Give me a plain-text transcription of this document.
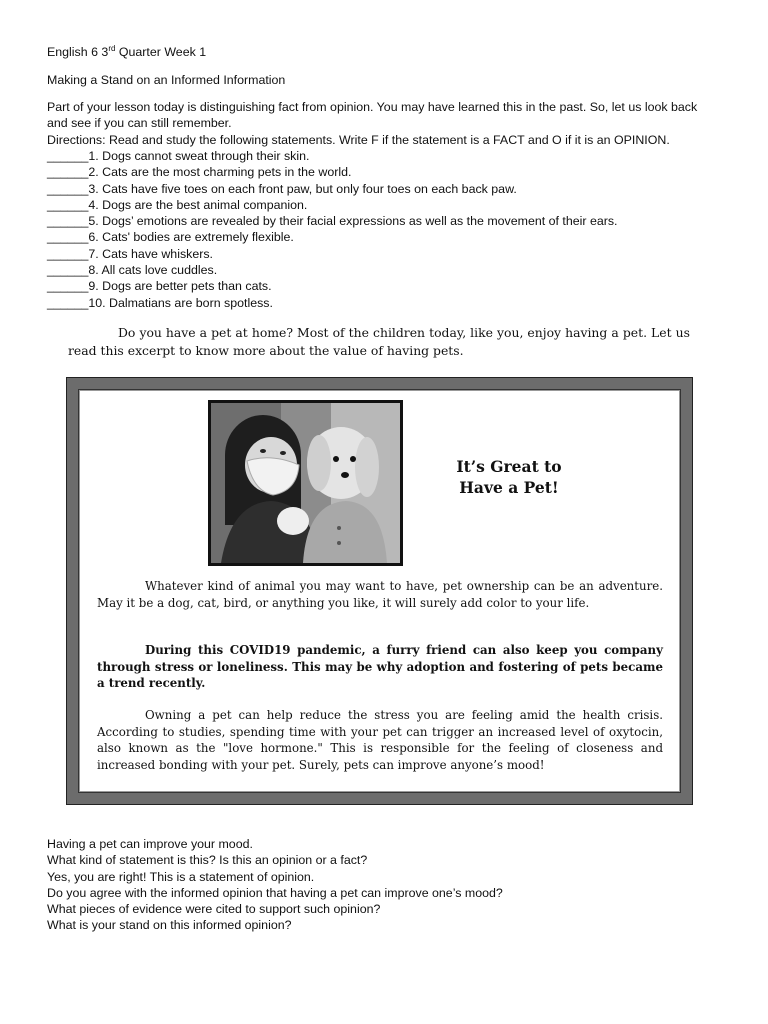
English 6 3rd Quarter Week 1
Making a Stand on an Informed Information
Part of your lesson today is distinguishing fact from opinion. You may have learned this in the past. So, let us look back and see if you can still remember.
Directions: Read and study the following statements. Write F if the statement is a FACT and O if it is an OPINION.
______1. Dogs cannot sweat through their skin.
______2. Cats are the most charming pets in the world.
______3. Cats have five toes on each front paw, but only four toes on each back paw.
______4. Dogs are the best animal companion.
______5. Dogs’ emotions are revealed by their facial expressions as well as the movement of their ears.
______6. Cats' bodies are extremely flexible.
______7. Cats have whiskers.
______8. All cats love cuddles.
______9. Dogs are better pets than cats.
______10. Dalmatians are born spotless.
Do you have a pet at home? Most of the children today, like you, enjoy having a pet. Let us read this excerpt to know more about the value of having pets.
It’s Great to
Have a Pet!
Whatever kind of animal you may want to have, pet ownership can be an adventure. May it be a dog, cat, bird, or anything you like, it will surely add color to your life.
During this COVID19 pandemic, a furry friend can also keep you company through stress or loneliness. This may be why adoption and fostering of pets became a trend recently.
Owning a pet can help reduce the stress you are feeling amid the health crisis. According to studies, spending time with your pet can trigger an increased level of oxytocin, also known as the "love hormone." This is responsible for the feeling of closeness and increased bonding with your pet. Surely, pets can improve anyone’s mood!
Having a pet can improve your mood.
What kind of statement is this? Is this an opinion or a fact?
Yes, you are right! This is a statement of opinion.
Do you agree with the informed opinion that having a pet can improve one’s mood?
What pieces of evidence were cited to support such opinion?
What is your stand on this informed opinion?
